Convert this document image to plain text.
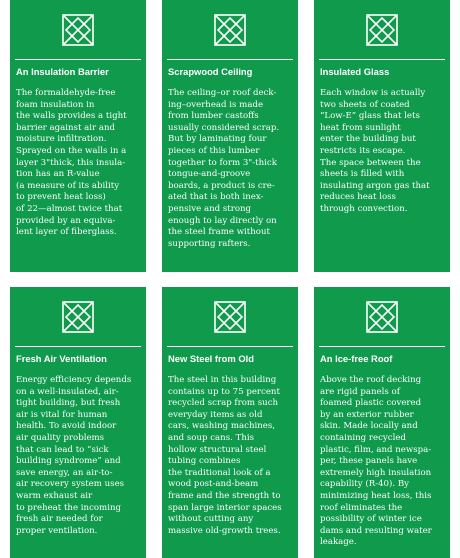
An Insulation Barrier
The formaldehyde-free
foam insulation in
the walls provides a tight
barrier against air and
moisture infiltration.
Sprayed on the walls in a
layer 3"thick, this insula-
tion has an R-value
(a measure of its ability
to prevent heat loss)
of 22—almost twice that
provided by an equiva-
lent layer of fiberglass.
Scrapwood Ceiling
The ceiling–or roof deck-
ing–overhead is made
from lumber castoffs
usually considered scrap.
But by laminating four
pieces of this lumber
together to form 3"-thick
tongue-and-groove
boards, a product is cre-
ated that is both inex-
pensive and strong
enough to lay directly on
the steel frame without
supporting rafters.
Insulated Glass
Each window is actually
two sheets of coated
“Low-E” glass that lets
heat from sunlight
enter the building but
restricts its escape.
The space between the
sheets is filled with
insulating argon gas that
reduces heat loss
through convection.
Fresh Air Ventilation
Energy efficiency depends
on a well-insulated, air-
tight building, but fresh
air is vital for human
health. To avoid indoor
air quality problems
that can lead to “sick
building syndrome” and
save energy, an air-to-
air recovery system uses
warm exhaust air
to preheat the incoming
fresh air needed for
proper ventilation.
New Steel from Old
The steel in this building
contains up to 75 percent
recycled scrap from such
everyday items as old
cars, washing machines,
and soup cans. This
hollow structural steel
tubing combines
the traditional look of a
wood post-and-beam
frame and the strength to
span large interior spaces
without cutting any
massive old-growth trees.
An Ice-free Roof
Above the roof decking
are rigid panels of
foamed plastic covered
by an exterior rubber
skin. Made locally and
containing recycled
plastic, film, and newspa-
per, these panels have
extremely high insulation
capability (R-40). By
minimizing heat loss, this
roof eliminates the
possibility of winter ice
dams and resulting water
leakage.
